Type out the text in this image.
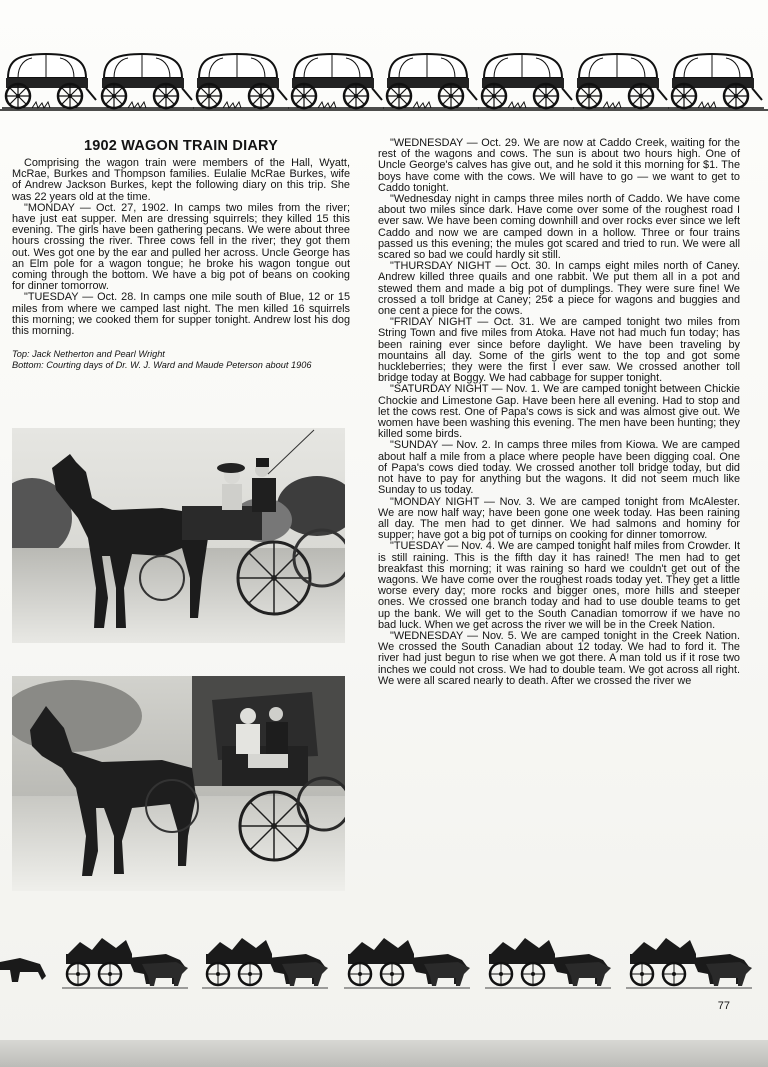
1902 WAGON TRAIN DIARY

Comprising the wagon train were members of the Hall, Wyatt, McRae, Burkes and Thompson families. Eulalie McRae Burkes, wife of Andrew Jackson Burkes, kept the following diary on this trip. She was 22 years old at the time.

"MONDAY — Oct. 27, 1902. In camps two miles from the river; have just eat supper. Men are dressing squirrels; they killed 15 this evening. The girls have been gathering pecans. We were about three hours crossing the river. Three cows fell in the river; they got them out. Wes got one by the ear and pulled her across. Uncle George has an Elm pole for a wagon tongue; he broke his wagon tongue out coming through the bottom. We have a big pot of beans on cooking for dinner tomorrow.

"TUESDAY — Oct. 28. In camps one mile south of Blue, 12 or 15 miles from where we camped last night. The men killed 16 squirrels this morning; we cooked them for supper tonight. Andrew lost his dog this morning.

Top: Jack Netherton and Pearl Wright
Bottom: Courting days of Dr. W. J. Ward and Maude Peterson about 1906

"WEDNESDAY — Oct. 29. We are now at Caddo Creek, waiting for the rest of the wagons and cows. The sun is about two hours high. One of Uncle George's calves has give out, and he sold it this morning for $1. The boys have come with the cows. We will have to go — we want to get to Caddo tonight.

"Wednesday night in camps three miles north of Caddo. We have come about two miles since dark. Have come over some of the roughest road I ever saw. We have been coming downhill and over rocks ever since we left Caddo and now we are camped down in a hollow. Three or four trains passed us this evening; the mules got scared and tried to run. We were all scared so bad we could hardly sit still.

"THURSDAY NIGHT — Oct. 30. In camps eight miles north of Caney. Andrew killed three quails and one rabbit. We put them all in a pot and stewed them and made a big pot of dumplings. They were sure fine! We crossed a toll bridge at Caney; 25¢ a piece for wagons and buggies and one cent a piece for the cows.

"FRIDAY NIGHT — Oct. 31. We are camped tonight two miles from String Town and five miles from Atoka. Have not had much fun today; has been raining ever since before daylight. We have been traveling by mountains all day. Some of the girls went to the top and got some huckleberries; they were the first I ever saw. We crossed another toll bridge today at Boggy. We had cabbage for supper tonight.

"SATURDAY NIGHT — Nov. 1. We are camped tonight between Chickie Chockie and Limestone Gap. Have been here all evening. Had to stop and let the cows rest. One of Papa's cows is sick and was almost give out. We women have been washing this evening. The men have been hunting; they killed some birds.

"SUNDAY — Nov. 2. In camps three miles from Kiowa. We are camped about half a mile from a place where people have been digging coal. One of Papa's cows died today. We crossed another toll bridge today, but did not have to pay for anything but the wagons. It did not seem much like Sunday to us today.

"MONDAY NIGHT — Nov. 3. We are camped tonight from McAlester. We are now half way; have been gone one week today. Has been raining all day. The men had to get dinner. We had salmons and hominy for supper; have got a big pot of turnips on cooking for dinner tomorrow.

"TUESDAY — Nov. 4. We are camped tonight half miles from Crowder. It is still raining. This is the fifth day it has rained! The men had to get breakfast this morning; it was raining so hard we couldn't get out of the wagons. We have come over the roughest roads today yet. They get a little worse every day; more rocks and bigger ones, more hills and steeper ones. We crossed one branch today and had to use double teams to get up the bank. We will get to the South Canadian tomorrow if we have no bad luck. When we get across the river we will be in the Creek Nation.

"WEDNESDAY — Nov. 5. We are camped tonight in the Creek Nation. We crossed the South Canadian about 12 today. We had to ford it. The river had just begun to rise when we got there. A man told us if it rose two inches we could not cross. We had to double team. We got across all right. We were all scared nearly to death. After we crossed the river we

77
